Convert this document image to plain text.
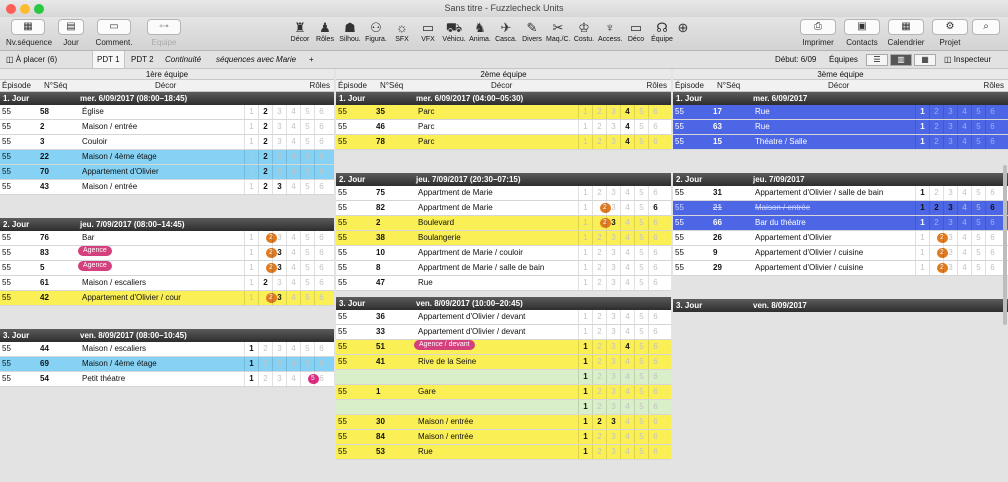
Sans titre - Fuzzlecheck Units
▦
Nv.séquence
▤
Jour
▭
Comment.
⊶
Equipe
♜
Décor
♟
Rôles
☗
Silhou.
⚇
Figura.
☼
SFX
▭
VFX
⛟
Véhicu.
♞
Anima.
✈
Casca.
✎
Divers
✂
Maq./C.
♔
Costu.
♆
Access.
▭
Déco
☊
Équipe
⊕	⎙
Imprimer
▣
Contacts
▦
Calendrier
⚙
Projet
⌕
◫ À placer (6)	PDT 1	PDT 2 Continuité séquences avec Marie +	Début: 6/09 Équipes	☰	▥	▦	◫ Inspecteur
1ère équipe
Épisode N°Séq	Décor	Rôles
1. Jour	mer. 6/09/2017 (08:00–18:45)
55	58	Église	1	2	3	4	5	6
55	2	Maison / entrée	1	2	3	4	5	6
55	3	Couloir	1	2	3	4	5	6
55	22	Maison / 4ème étage	1	2	3	4	5	6
55	70	Appartement d'Olivier	1	2	3	4	5	6
55	43	Maison / entrée	1	2	3	4	5	6
2. Jour	jeu. 7/09/2017 (08:00–14:45)
55	76	Bar	1	2 3	4	5	6
55	83	Agence	1	2 3	4	5	6
55	5	Agence	1	2 3	4	5	6
55	61	Maison / escaliers	1	2	3	4	5	6
55	42	Appartement d'Olivier / cour	1	2 3	4	5	6
3. Jour	ven. 8/09/2017 (08:00–10:45)
55	44	Maison / escaliers	1	2	3	4	5	6
55	69	Maison / 4ème étage	1	2	3	4	5	6
55	54	Petit théatre	1	2	3	4	5 6
2ème équipe
Épisode N°Séq	Décor	Rôles
1. Jour	mer. 6/09/2017 (04:00–05:30)
55	35	Parc	1	2	3	4	5	6
55	46	Parc	1	2	3	4	5	6
55	78	Parc	1	2	3	4	5	6
2. Jour	jeu. 7/09/2017 (20:30–07:15)
55	75	Appartment de Marie	1	2	3	4	5	6
55	82	Appartment de Marie	1	2 3	4	5	6
55	2	Boulevard	1	2 3	4	5	6
55	38	Boulangerie	1	2	3	4	5	6
55	10	Appartment de Marie / couloir	1	2	3	4	5	6
55	8	Appartment de Marie / salle de bain	1	2	3	4	5	6
55	47	Rue	1	2	3	4	5	6
3. Jour	ven. 8/09/2017 (10:00–20:45)
55	36	Appartement d'Olivier / devant	1	2	3	4	5	6
55	33	Appartement d'Olivier / devant	1	2	3	4	5	6
55	51	Agence / devant	1	2	3	4	5	6
55	41	Rive de la Seine	1	2	3	4	5	6
1	2	3	4	5	6
55	1	Gare	1	2	3	4	5	6
1	2	3	4	5	6
55	30	Maison / entrée	1	2	3	4	5	6
55	84	Maison / entrée	1	2	3	4	5	6
55	53	Rue	1	2	3	4	5	6
3ème équipe
Épisode N°Séq	Décor	Rôles
1. Jour	mer. 6/09/2017
55	17	Rue	1	2	3	4	5	6
55	63	Rue	1	2	3	4	5	6
55	15	Théatre / Salle	1	2	3	4	5	6
2. Jour	jeu. 7/09/2017
55	31	Appartement d'Olivier / salle de bain	1	2	3	4	5	6
55	21	Maison / entrée	1	2	3	4	5	6
55	66	Bar du théatre	1	2	3	4	5	6
55	26	Appartement d'Olivier	1	2 3	4	5	6
55	9	Appartement d'Olivier / cuisine	1	2 3	4	5	6
55	29	Appartement d'Olivier / cuisine	1	2 3	4	5	6
3. Jour	ven. 8/09/2017
